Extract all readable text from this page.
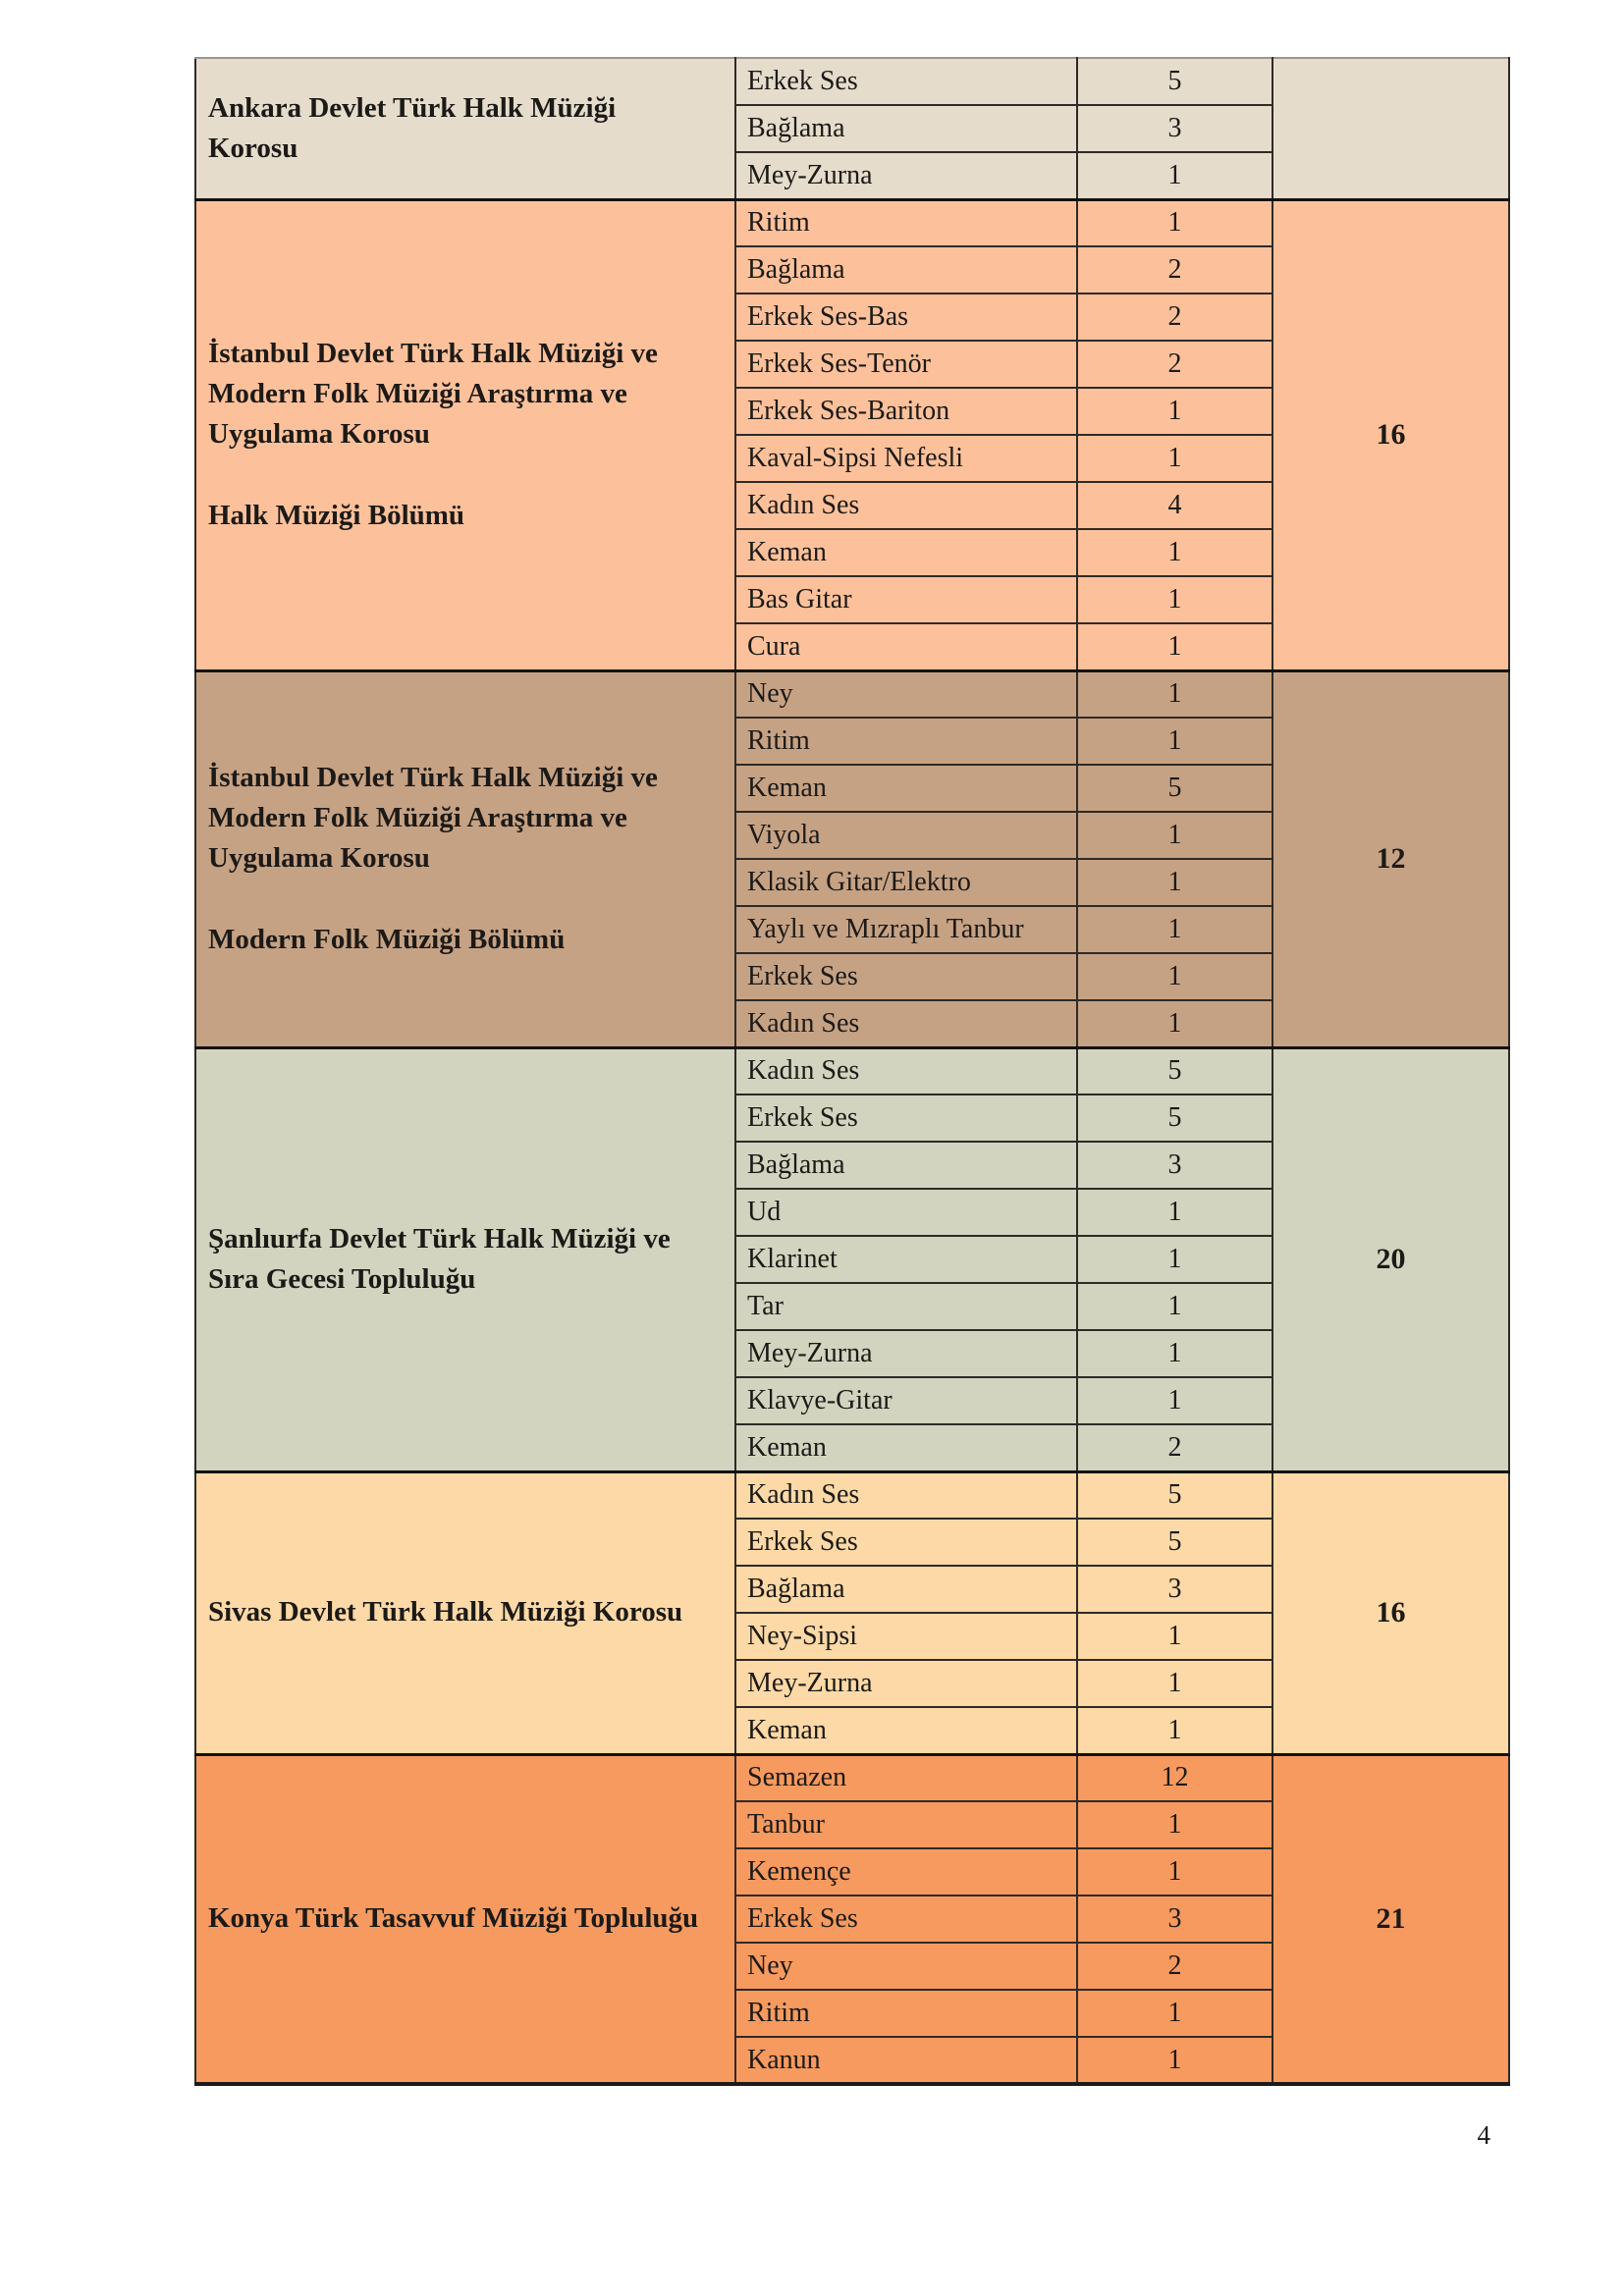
Ankara Devlet Türk Halk Müziği Korosu	Erkek Ses	5	
	Bağlama	3	
	Mey-Zurna	1	

İstanbul Devlet Türk Halk Müziği ve Modern Folk Müziği Araştırma ve Uygulama Korosu
Halk Müziği Bölümü	Ritim	1	16
	Bağlama	2	
	Erkek Ses-Bas	2	
	Erkek Ses-Tenör	2	
	Erkek Ses-Bariton	1	
	Kaval-Sipsi Nefesli	1	
	Kadın Ses	4	
	Keman	1	
	Bas Gitar	1	
	Cura	1	

İstanbul Devlet Türk Halk Müziği ve Modern Folk Müziği Araştırma ve Uygulama Korosu
Modern Folk Müziği Bölümü	Ney	1	12
	Ritim	1	
	Keman	5	
	Viyola	1	
	Klasik Gitar/Elektro	1	
	Yaylı ve Mızraplı Tanbur	1	
	Erkek Ses	1	
	Kadın Ses	1	

Şanlıurfa Devlet Türk Halk Müziği ve Sıra Gecesi Topluluğu	Kadın Ses	5	20
	Erkek Ses	5	
	Bağlama	3	
	Ud	1	
	Klarinet	1	
	Tar	1	
	Mey-Zurna	1	
	Klavye-Gitar	1	
	Keman	2	

Sivas Devlet Türk Halk Müziği Korosu	Kadın Ses	5	16
	Erkek Ses	5	
	Bağlama	3	
	Ney-Sipsi	1	
	Mey-Zurna	1	
	Keman	1	

Konya Türk Tasavvuf Müziği Topluluğu	Semazen	12	21
	Tanbur	1	
	Kemençe	1	
	Erkek Ses	3	
	Ney	2	
	Ritim	1	
	Kanun	1	
4
